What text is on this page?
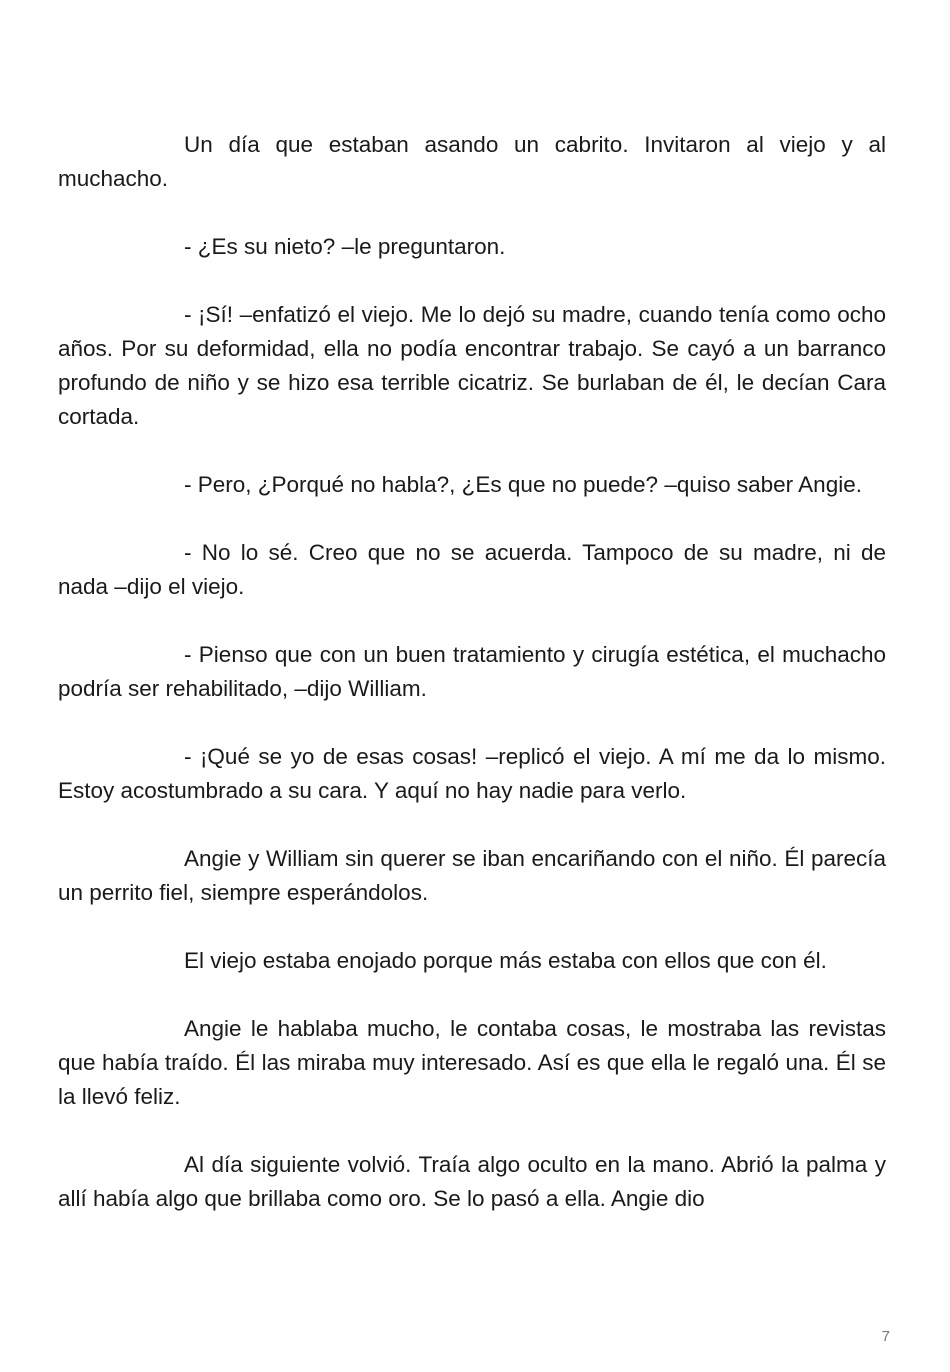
Un día que estaban asando un cabrito. Invitaron al viejo y al muchacho.

- ¿Es su nieto? –le preguntaron.

- ¡Sí! –enfatizó el viejo. Me lo dejó su madre, cuando tenía como ocho años. Por su deformidad, ella no podía encontrar trabajo. Se cayó a un barranco profundo de niño y se hizo esa terrible cicatriz. Se burlaban de él, le decían Cara cortada.

- Pero, ¿Porqué no habla?, ¿Es que no puede? –quiso saber Angie.

- No lo sé. Creo que no se acuerda. Tampoco de su madre, ni de nada –dijo el viejo.

- Pienso que con un buen tratamiento y cirugía estética, el muchacho podría ser rehabilitado, –dijo William.

- ¡Qué se yo de esas cosas! –replicó el viejo. A mí me da lo mismo. Estoy acostumbrado a su cara. Y aquí no hay nadie para verlo.

Angie y William sin querer se iban encariñando con el niño. Él parecía un perrito fiel, siempre esperándolos.

El viejo estaba enojado porque más estaba con ellos que con él.

Angie le hablaba mucho, le contaba cosas, le mostraba las revistas que había traído. Él las miraba muy interesado. Así es que ella le regaló una. Él se la llevó feliz.

Al día siguiente volvió. Traía algo oculto en la mano. Abrió la palma y allí había algo que brillaba como oro. Se lo pasó a ella. Angie dio

7
